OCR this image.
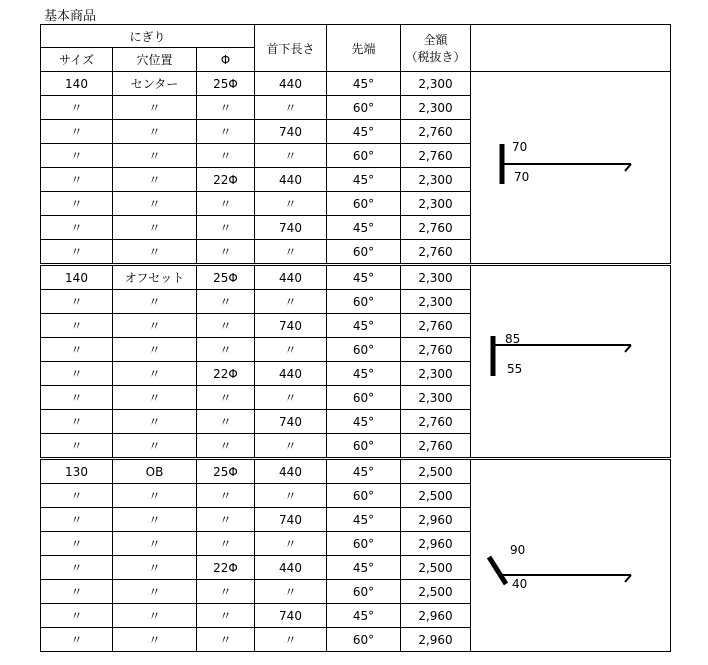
基本商品
にぎり			首下長さ	先端	全額
（税抜き）	

サイズ	穴位置	Φ				
140	センター	25Φ	440	45°	2,300	70
70

〃	〃	〃	〃	60°	2,300	
〃	〃	〃	740	45°	2,760	
〃	〃	〃	〃	60°	2,760	
〃	〃	22Φ	440	45°	2,300	
〃	〃	〃	〃	60°	2,300	
〃	〃	〃	740	45°	2,760	
〃	〃	〃	〃	60°	2,760	
140	オフセット	25Φ	440	45°	2,300	85
55

〃	〃	〃	〃	60°	2,300	
〃	〃	〃	740	45°	2,760	
〃	〃	〃	〃	60°	2,760	
〃	〃	22Φ	440	45°	2,300	
〃	〃	〃	〃	60°	2,300	
〃	〃	〃	740	45°	2,760	
〃	〃	〃	〃	60°	2,760	
130	OB	25Φ	440	45°	2,500	90
40

〃	〃	〃	〃	60°	2,500	
〃	〃	〃	740	45°	2,960	
〃	〃	〃	〃	60°	2,960	
〃	〃	22Φ	440	45°	2,500	
〃	〃	〃	〃	60°	2,500	
〃	〃	〃	740	45°	2,960	
〃	〃	〃	〃	60°	2,960	
